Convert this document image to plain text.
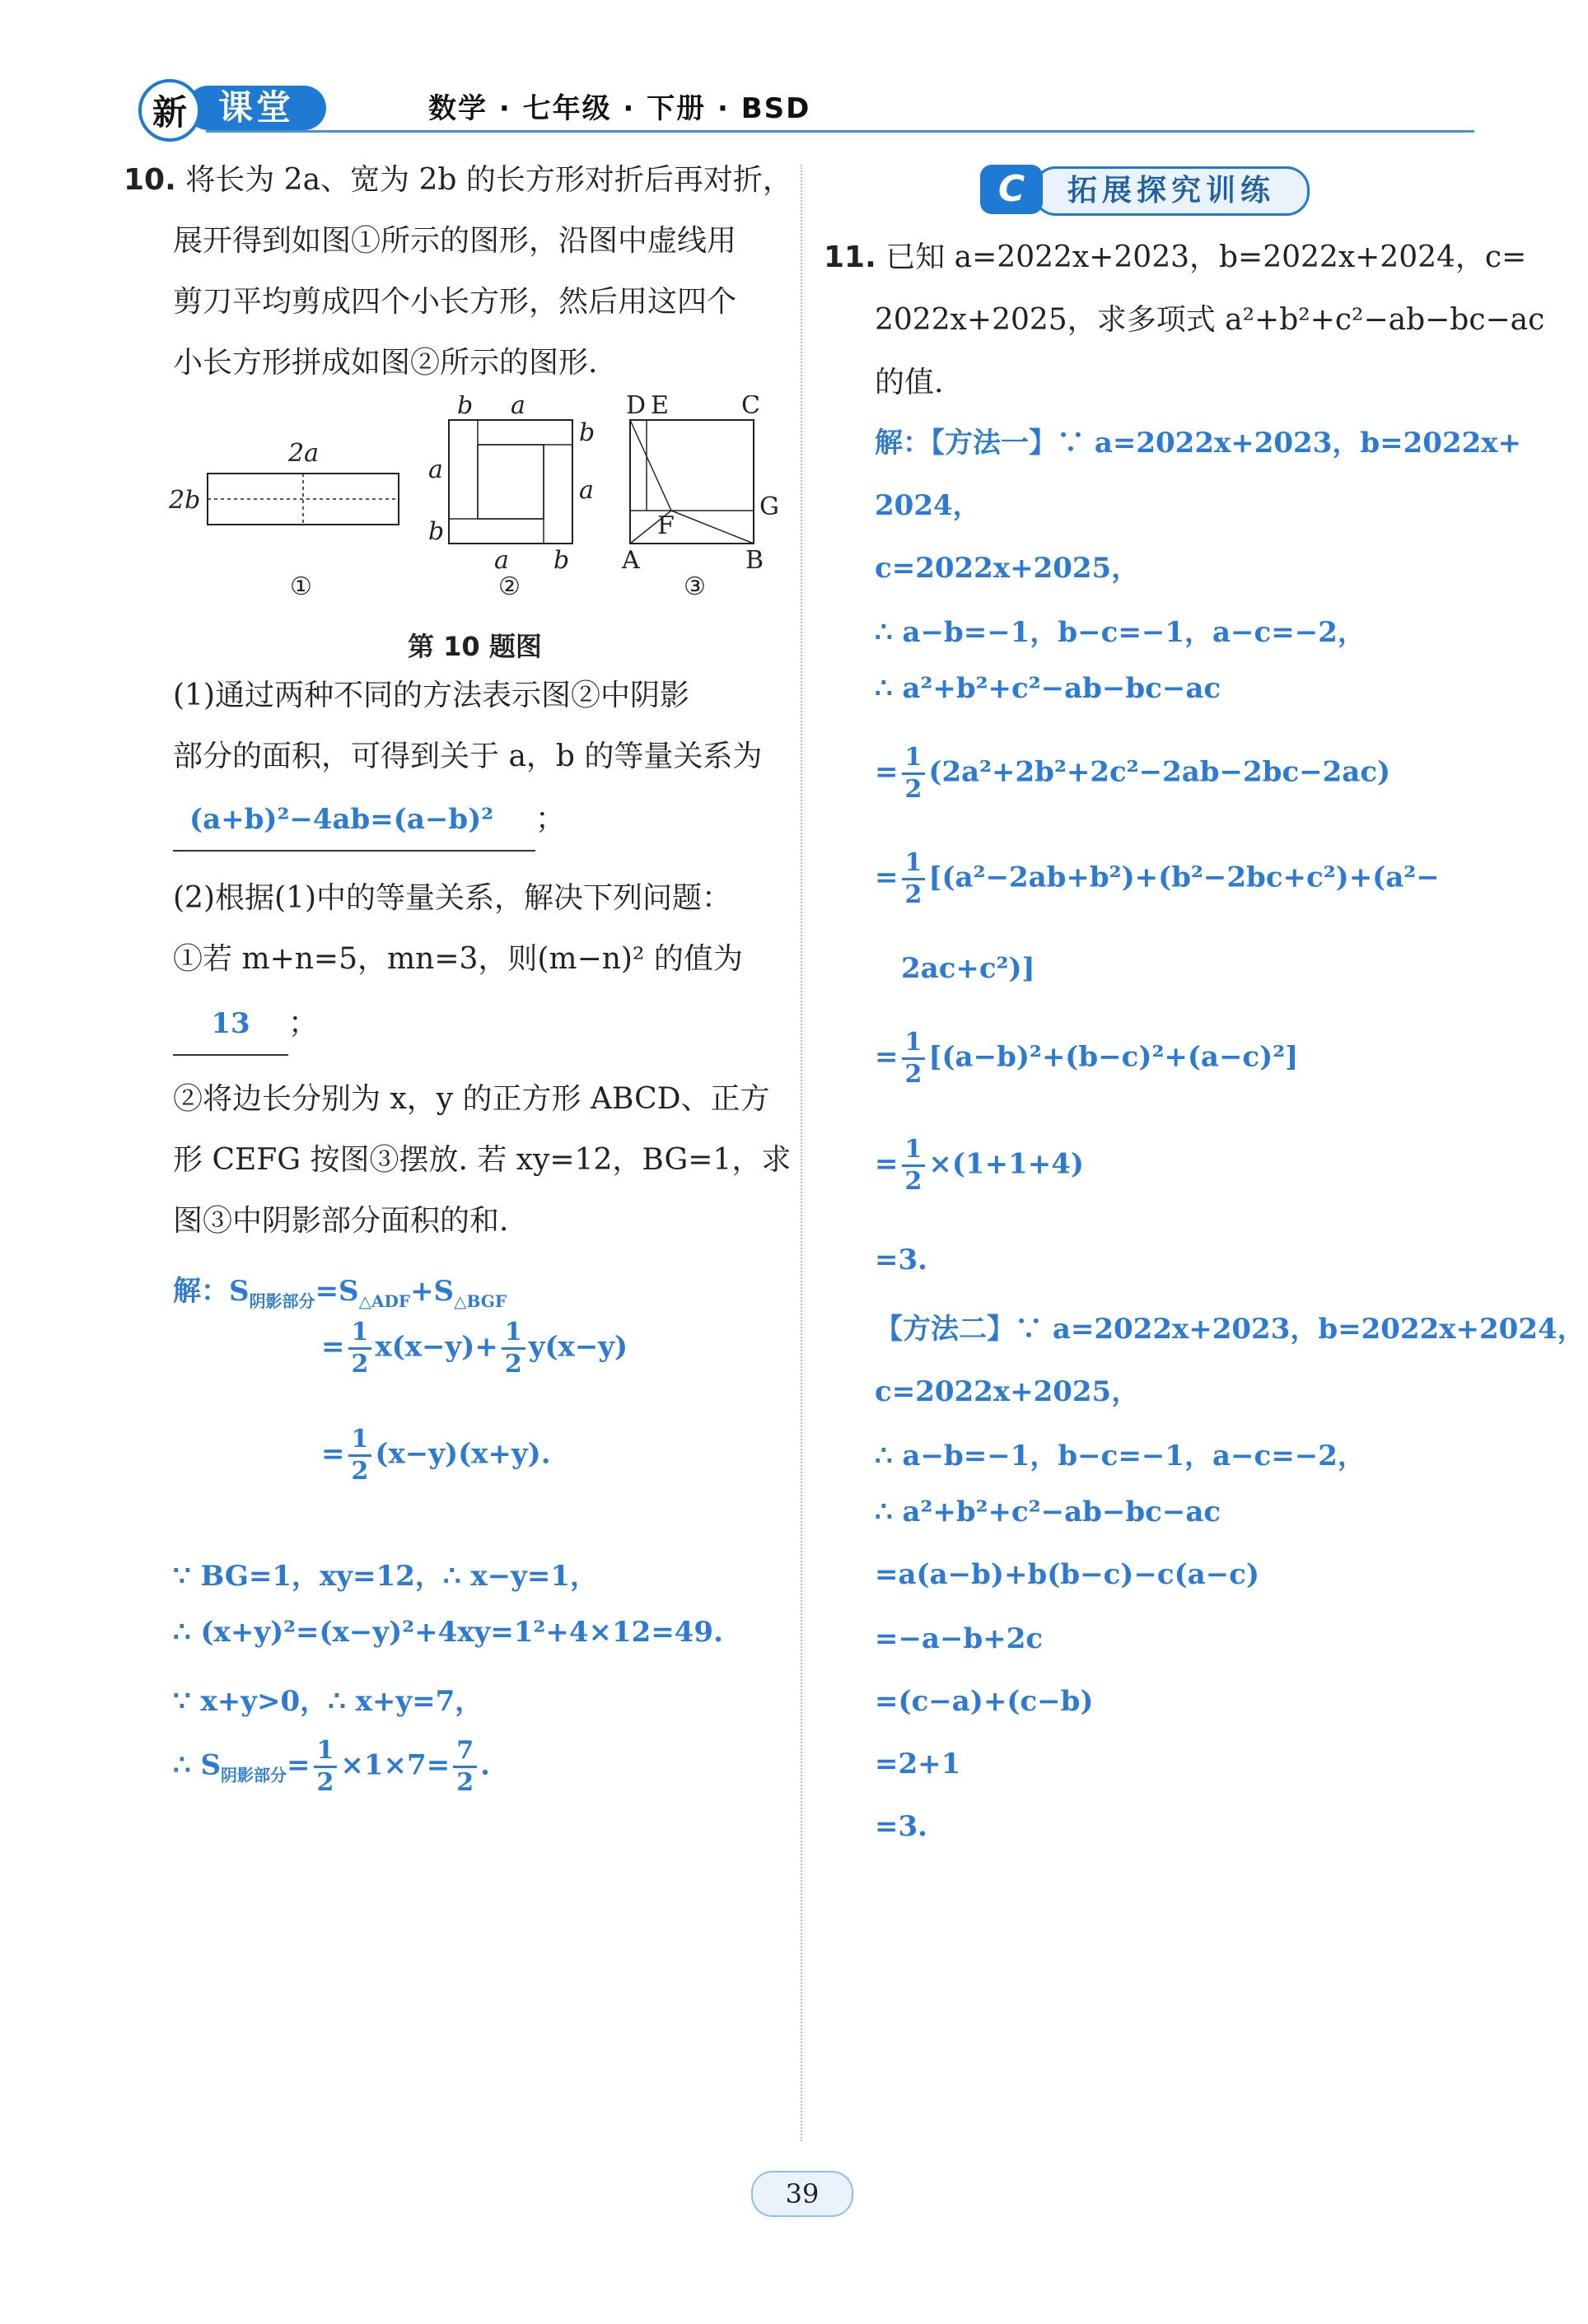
课堂
新	数学 · 七年级 · 下册 · BSD
10. 将长为 2a、宽为 2b 的长方形对折后再对折，
展开得到如图①所示的图形，沿图中虚线用
剪刀平均剪成四个小长方形，然后用这四个
小长方形拼成如图②所示的图形.
2a
2b
①
b a
b
a
a
b
a b
②
D E	C
G
F
A	B
③
第 10 题图
(1)通过两种不同的方法表示图②中阴影
部分的面积，可得到关于 a，b 的等量关系为
(a+b)²−4ab=(a−b)² ；
(2)根据(1)中的等量关系，解决下列问题：
①若 m+n=5，mn=3，则(m−n)² 的值为
13 ；
②将边长分别为 x，y 的正方形 ABCD、正方
形 CEFG 按图③摆放. 若 xy=12，BG=1，求
图③中阴影部分面积的和.
解：$S_{阴影部分}=S_{\triangle ADF}+S_{\triangle BGF}$
= $\frac{1}{2} x(x-y)+ \frac{1}{2} y(x-y)$
= $\frac{1}{2} (x-y)(x+y)$.
∵ BG=1，xy=12，∴ x−y=1，
∴ (x+y)²=(x−y)²+4xy=1²+4×12=49.
∵ x+y>0，∴ x+y=7，
∴ $S_{阴影部分}= \frac{1}{2} \times 1\times 7= \frac{7}{2}$ .
拓展探究训练
C
11. 已知 a=2022x+2023，b=2022x+2024，c=
2022x+2025，求多项式 a²+b²+c²−ab−bc−ac
的值.
解：【方法一】∵ a=2022x+2023，b=2022x+
2024，
c=2022x+2025，
∴ a−b=−1，b−c=−1，a−c=−2，
∴ a²+b²+c²−ab−bc−ac
= $\frac{1}{2} (2a^2+2b^2+2c^2-2ab-2bc-2ac)$
= $\frac{1}{2} [(a^2-2ab+b^2)+(b^2-2bc+c^2)+(a^2-$
2ac+c²)]
= $\frac{1}{2} [(a-b)^2+(b-c)^2+(a-c)^2]$
= $\frac{1}{2} \times(1+1+4)$
=3.
【方法二】∵ a=2022x+2023，b=2022x+2024，
c=2022x+2025，
∴ a−b=−1，b−c=−1，a−c=−2，
∴ a²+b²+c²−ab−bc−ac
=a(a−b)+b(b−c)−c(a−c)
=−a−b+2c
=(c−a)+(c−b)
=2+1
=3.
39
